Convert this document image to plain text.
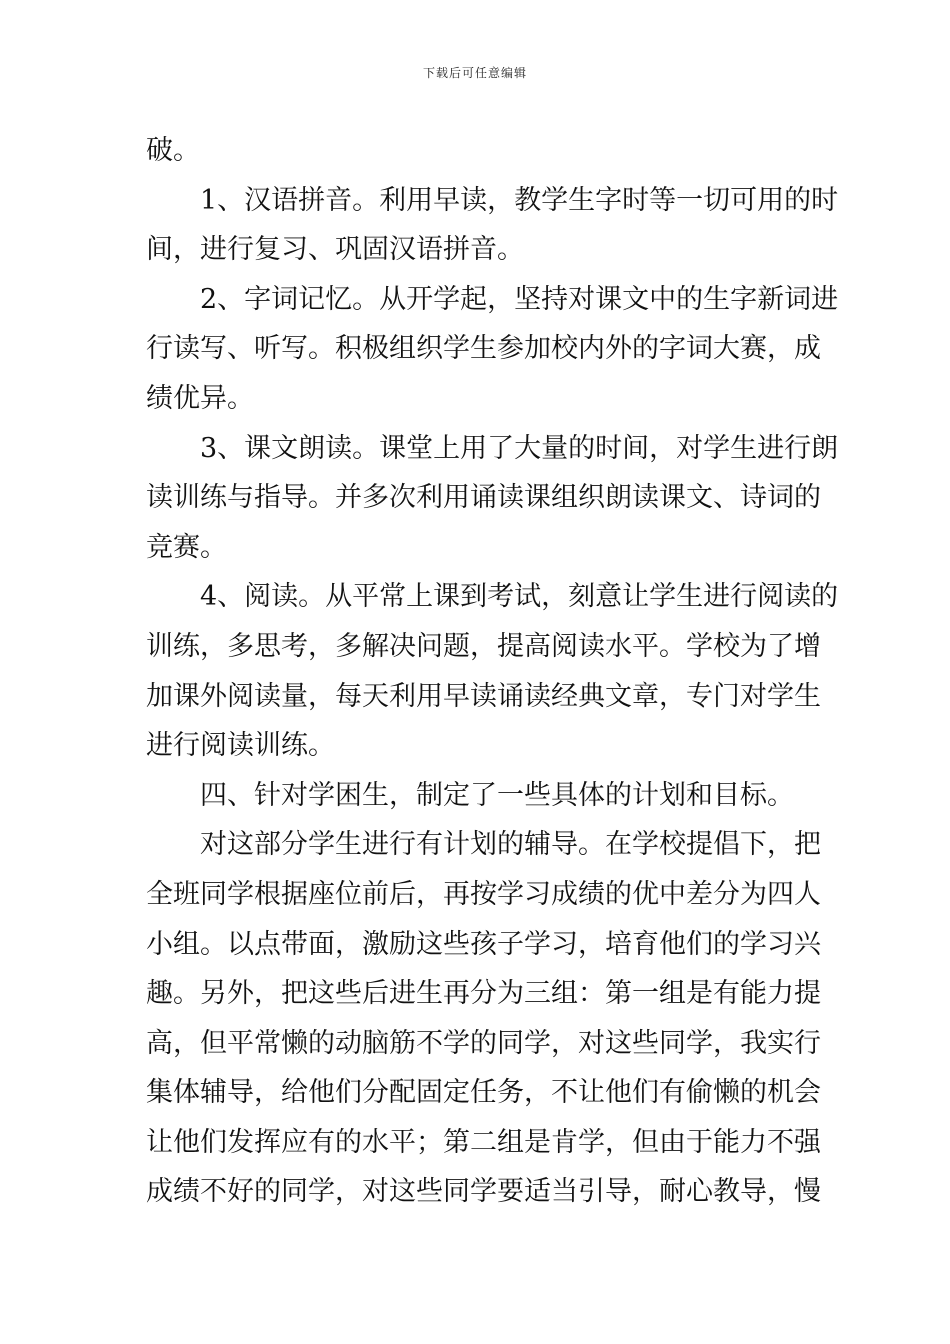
下载后可任意编辑
破。
1、汉语拼音。利用早读，教学生字时等一切可用的时
间，进行复习、巩固汉语拼音。
2、字词记忆。从开学起，坚持对课文中的生字新词进
行读写、听写。积极组织学生参加校内外的字词大赛，成
绩优异。
3、课文朗读。课堂上用了大量的时间，对学生进行朗
读训练与指导。并多次利用诵读课组织朗读课文、诗词的
竞赛。
4、阅读。从平常上课到考试，刻意让学生进行阅读的
训练，多思考，多解决问题，提高阅读水平。学校为了增
加课外阅读量，每天利用早读诵读经典文章，专门对学生
进行阅读训练。
四、针对学困生，制定了一些具体的计划和目标。
对这部分学生进行有计划的辅导。在学校提倡下，把
全班同学根据座位前后，再按学习成绩的优中差分为四人
小组。以点带面，激励这些孩子学习，培育他们的学习兴
趣。另外，把这些后进生再分为三组：第一组是有能力提
高，但平常懒的动脑筋不学的同学，对这些同学，我实行
集体辅导，给他们分配固定任务，不让他们有偷懒的机会
让他们发挥应有的水平；第二组是肯学，但由于能力不强
成绩不好的同学，对这些同学要适当引导，耐心教导，慢
